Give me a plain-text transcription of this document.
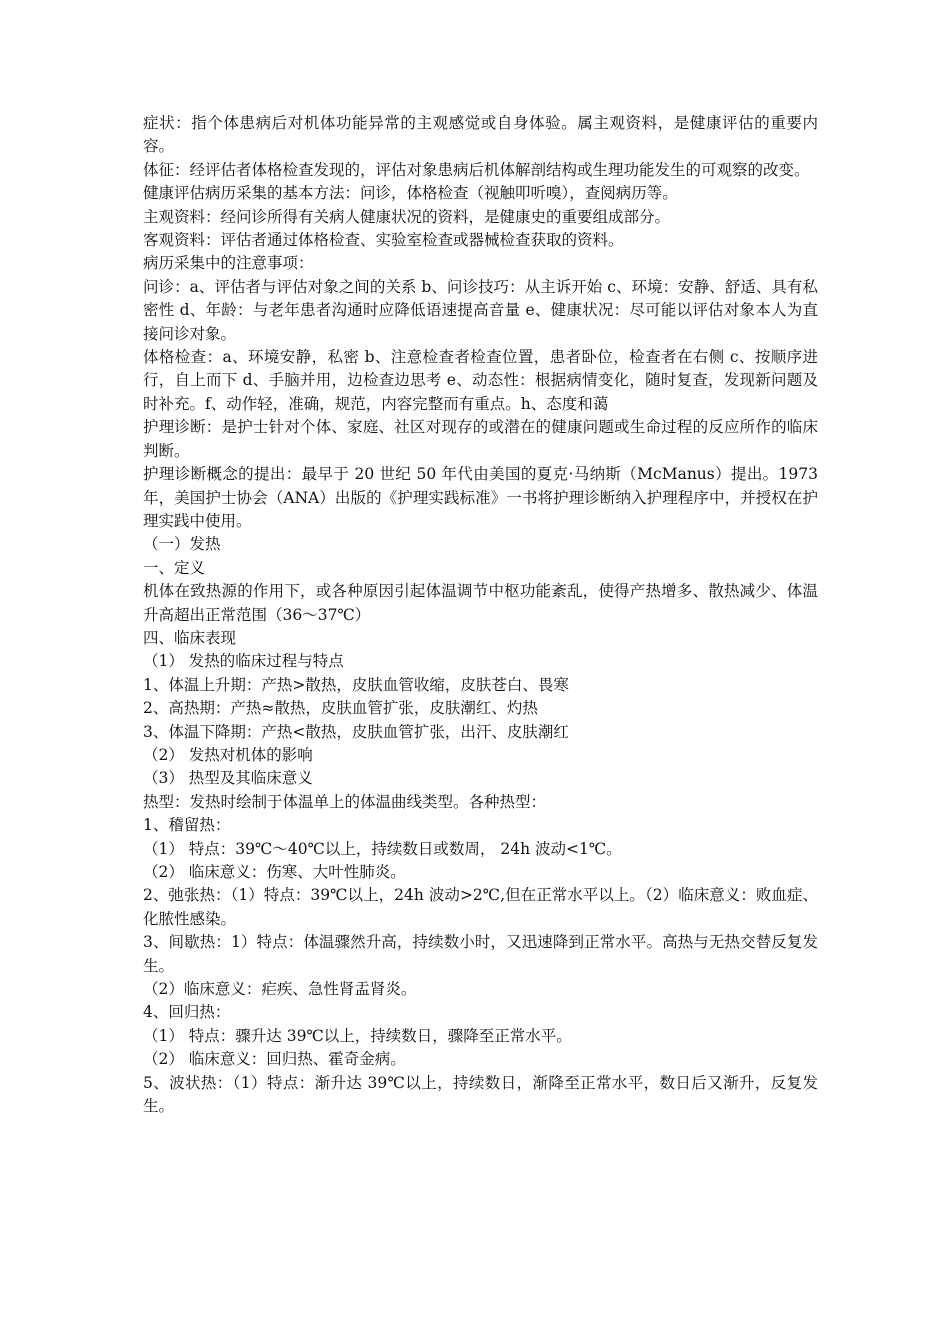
症状：指个体患病后对机体功能异常的主观感觉或自身体验。属主观资料，是健康评估的重要内容。

体征：经评估者体格检查发现的，评估对象患病后机体解剖结构或生理功能发生的可观察的改变。

健康评估病历采集的基本方法：问诊，体格检查（视触叩听嗅），查阅病历等。

主观资料：经问诊所得有关病人健康状况的资料，是健康史的重要组成部分。

客观资料：评估者通过体格检查、实验室检查或器械检查获取的资料。

病历采集中的注意事项：

问诊：a、评估者与评估对象之间的关系 b、问诊技巧：从主诉开始 c、环境：安静、舒适、具有私密性 d、年龄：与老年患者沟通时应降低语速提高音量 e、健康状况：尽可能以评估对象本人为直接问诊对象。

体格检查：a、环境安静，私密 b、注意检查者检查位置，患者卧位，检查者在右侧 c、按顺序进行，自上而下 d、手脑并用，边检查边思考 e、动态性：根据病情变化，随时复查，发现新问题及时补充。f、动作轻，准确，规范，内容完整而有重点。h、态度和蔼

护理诊断：是护士针对个体、家庭、社区对现存的或潜在的健康问题或生命过程的反应所作的临床判断。

护理诊断概念的提出：最早于 20 世纪 50 年代由美国的夏克·马纳斯（McManus）提出。1973 年，美国护士协会（ANA）出版的《护理实践标准》一书将护理诊断纳入护理程序中，并授权在护理实践中使用。

（一）发热

一、定义

机体在致热源的作用下，或各种原因引起体温调节中枢功能紊乱，使得产热增多、散热减少、体温升高超出正常范围（36～37℃）

四、临床表现

（1） 发热的临床过程与特点

1、体温上升期：产热>散热，皮肤血管收缩，皮肤苍白、畏寒

2、高热期：产热≈散热，皮肤血管扩张，皮肤潮红、灼热

3、体温下降期：产热<散热，皮肤血管扩张，出汗、皮肤潮红

（2） 发热对机体的影响

（3） 热型及其临床意义

热型：发热时绘制于体温单上的体温曲线类型。各种热型：

1、稽留热：

（1） 特点：39℃～40℃以上，持续数日或数周， 24h 波动<1℃。

（2） 临床意义：伤寒、大叶性肺炎。

2、弛张热：（1）特点：39℃以上，24h 波动>2℃,但在正常水平以上。（2）临床意义：败血症、化脓性感染。

3、间歇热：1）特点：体温骤然升高，持续数小时，又迅速降到正常水平。高热与无热交替反复发生。

（2）临床意义：疟疾、急性肾盂肾炎。

4、回归热：

（1） 特点：骤升达 39℃以上，持续数日，骤降至正常水平。

（2） 临床意义：回归热、霍奇金病。

5、波状热：（1）特点：渐升达 39℃以上，持续数日，渐降至正常水平，数日后又渐升，反复发生。
